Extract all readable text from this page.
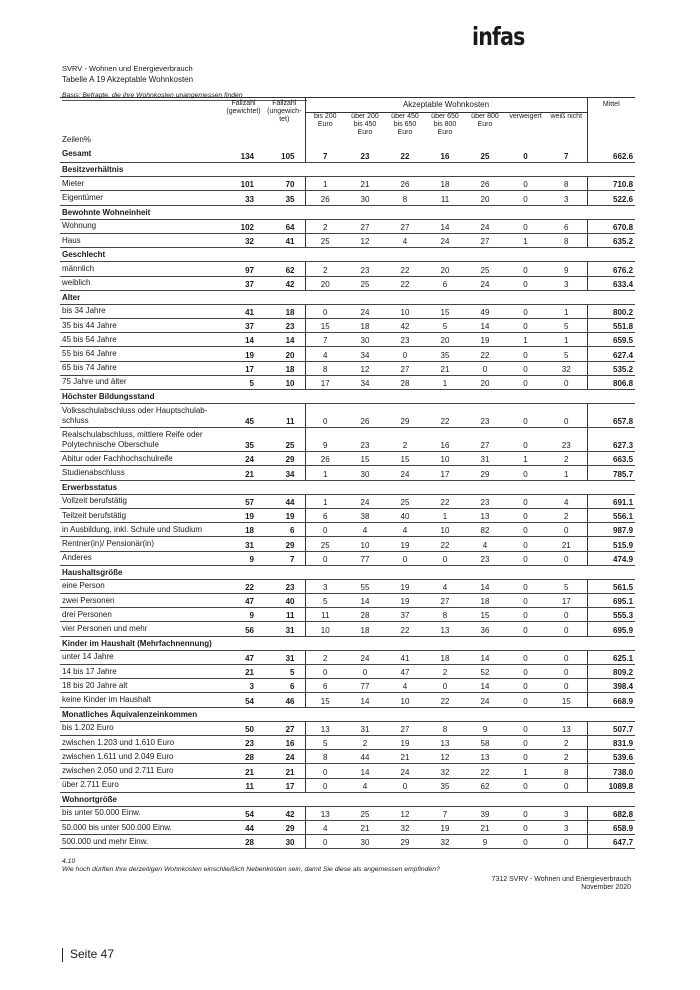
infas
SVRV - Wohnen und Energieverbrauch
Tabelle A 19 Akzeptable Wohnkosten
Basis: Befragte, die ihre Wohnkosten unangemessen finden
Zeilen%	Fallzahl (gewichtet)	Fallzahl (ungewich-tet)	Akzeptable Wohnkosten							Mittel
			bis 200 Euro	über 200 bis 450 Euro	über 450 bis 650 Euro	über 650 bis 800 Euro	über 800 Euro	verweigert	weiß nicht	
Gesamt	134	105	7	23	22	16	25	0	7	662.6
Besitzverhältnis										
Mieter	101	70	1	21	26	18	26	0	8	710.8
Eigentümer	33	35	26	30	8	11	20	0	3	522.6
Bewohnte Wohneinheit										
Wohnung	102	64	2	27	27	14	24	0	6	670.8
Haus	32	41	25	12	4	24	27	1	8	635.2
Geschlecht										
männlich	97	62	2	23	22	20	25	0	9	676.2
weiblich	37	42	20	25	22	6	24	0	3	633.4
Alter										
bis 34 Jahre	41	18	0	24	10	15	49	0	1	800.2
35 bis 44 Jahre	37	23	15	18	42	5	14	0	5	551.8
45 bis 54 Jahre	14	14	7	30	23	20	19	1	1	659.5
55 bis 64 Jahre	19	20	4	34	0	35	22	0	5	627.4
65 bis 74 Jahre	17	18	8	12	27	21	0	0	32	535.2
75 Jahre und älter	5	10	17	34	28	1	20	0	0	806.8
Höchster Bildungsstand										
Volksschulabschluss oder Hauptschulab-schluss	45	11	0	26	29	22	23	0	0	657.8
Realschulabschluss, mittlere Reife oder Polytechnische Oberschule	35	25	9	23	2	16	27	0	23	627.3
Abitur oder Fachhochschulreife	24	29	26	15	15	10	31	1	2	663.5
Studienabschluss	21	34	1	30	24	17	29	0	1	785.7
Erwerbsstatus										
Vollzeit berufstätig	57	44	1	24	25	22	23	0	4	691.1
Teilzeit berufstätig	19	19	6	38	40	1	13	0	2	556.1
in Ausbildung, inkl. Schule und Studium	18	6	0	4	4	10	82	0	0	987.9
Rentner(in)/ Pensionär(in)	31	29	25	10	19	22	4	0	21	515.9
Anderes	9	7	0	77	0	0	23	0	0	474.9
Haushaltsgröße										
eine Person	22	23	3	55	19	4	14	0	5	561.5
zwei Personen	47	40	5	14	19	27	18	0	17	695.1
drei Personen	9	11	11	28	37	8	15	0	0	555.3
vier Personen und mehr	56	31	10	18	22	13	36	0	0	695.9
Kinder im Haushalt (Mehrfachnennung)										
unter 14 Jahre	47	31	2	24	41	18	14	0	0	625.1
14 bis 17 Jahre	21	5	0	0	47	2	52	0	0	809.2
18 bis 20 Jahre alt	3	6	6	77	4	0	14	0	0	398.4
keine Kinder im Haushalt	54	46	15	14	10	22	24	0	15	668.9
Monatliches Äquivalenzeinkommen										
bis 1.202 Euro	50	27	13	31	27	8	9	0	13	507.7
zwischen 1.203 und 1.610 Euro	23	16	5	2	19	13	58	0	2	831.9
zwischen 1.611 und 2.049 Euro	28	24	8	44	21	12	13	0	2	539.6
zwischen 2.050 und 2.711 Euro	21	21	0	14	24	32	22	1	8	738.0
über 2.711 Euro	11	17	0	4	0	35	62	0	0	1089.8
Wohnortgröße										
bis unter 50.000 Einw.	54	42	13	25	12	7	39	0	3	682.8
50.000 bis unter 500.000 Einw.	44	29	4	21	32	19	21	0	3	658.9
500.000 und mehr Einw.	28	30	0	30	29	32	9	0	0	647.7
4.10
Wie hoch dürften Ihre derzeitigen Wohnkosten einschließlich Nebenkosten sein, damit Sie diese als angemessen empfinden?
7312 SVRV - Wohnen und Energieverbrauch
November 2020
Seite 47
